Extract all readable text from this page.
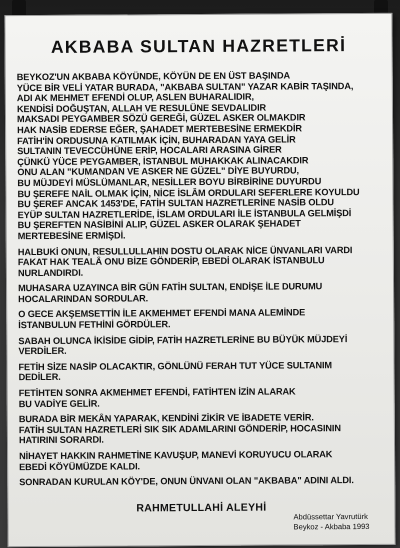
AKBABA SULTAN HAZRETLERİ
BEYKOZ'UN AKBABA KÖYÜNDE, KÖYÜN DE EN ÜST BAŞINDA
YÜCE BİR VELİ YATAR BURADA, "AKBABA SULTAN" YAZAR KABİR TAŞINDA,
ADI AK MEHMET EFENDİ OLUP, ASLEN BUHARALIDIR,
KENDİSİ DOĞUŞTAN, ALLAH VE RESULÜNE SEVDALIDIR
MAKSADI PEYGAMBER SÖZÜ GEREĞİ, GÜZEL ASKER OLMAKDIR
HAK NASİB EDERSE EĞER, ŞAHADET MERTEBESİNE ERMEKDİR
FATİH'İN ORDUSUNA KATILMAK İÇİN, BUHARADAN YAYA GELİR
SULTANIN TEVECCÜHÜNE ERİP, HOCALARI ARASINA GİRER
ÇÜNKÜ YÜCE PEYGAMBER, İSTANBUL MUHAKKAK ALINACAKDIR
ONU ALAN "KUMANDAN VE ASKER NE GÜZEL" DİYE BUYURDU,
BU MÜJDEYİ MÜSLÜMANLAR, NESİLLER BOYU BİRBİRİNE DUYURDU
BU ŞEREFE NAİL OLMAK İÇİN, NİCE İSLÂM ORDULARI SEFERLERE KOYULDU
BU ŞEREF ANCAK 1453'DE, FATİH SULTAN HAZRETLERİNE NASİB OLDU
EYÜP SULTAN HAZRETLERİDE, İSLAM ORDULARI İLE İSTANBULA GELMİŞDİ
BU ŞEREFTEN NASİBİNİ ALIP, GÜZEL ASKER OLARAK ŞEHADET
MERTEBESİNE ERMİŞDİ.
HALBUKİ ONUN, RESULLULLAHIN DOSTU OLARAK NİCE ÜNVANLARI VARDI
FAKAT HAK TEALÂ ONU BİZE GÖNDERİP, EBEDİ OLARAK İSTANBULU
NURLANDIRDI.
MUHASARA UZAYINCA BİR GÜN FATİH SULTAN, ENDİŞE İLE DURUMU
HOCALARINDAN SORDULAR.
O GECE AKŞEMSETTİN İLE AKMEHMET EFENDİ MANA ALEMİNDE
İSTANBULUN FETHİNİ GÖRDÜLER.
SABAH OLUNCA İKİSİDE GİDİP, FATİH HAZRETLERİNE BU BÜYÜK MÜJDEYİ
VERDİLER.
FETİH SİZE NASİP OLACAKTIR, GÖNLÜNÜ FERAH TUT YÜCE SULTANIM
DEDİLER.
FETİHTEN SONRA AKMEHMET EFENDİ, FATİHTEN İZİN ALARAK
BU VADİYE GELİR.
BURADA BİR MEKÂN YAPARAK, KENDİNİ ZİKİR VE İBADETE VERİR.
FATİH SULTAN HAZRETLERİ SIK SIK ADAMLARINI GÖNDERİP, HOCASININ
HATIRINI SORARDI.
NİHAYET HAKKIN RAHMETİNE KAVUŞUP, MANEVİ KORUYUCU OLARAK
EBEDİ KÖYÜMÜZDE KALDI.
SONRADAN KURULAN KÖY'DE, ONUN ÜNVANI OLAN "AKBABA" ADINI ALDI.
RAHMETULLAHİ ALEYHİ
Abdüssettar Yavrutürk
Beykoz - Akbaba 1993
